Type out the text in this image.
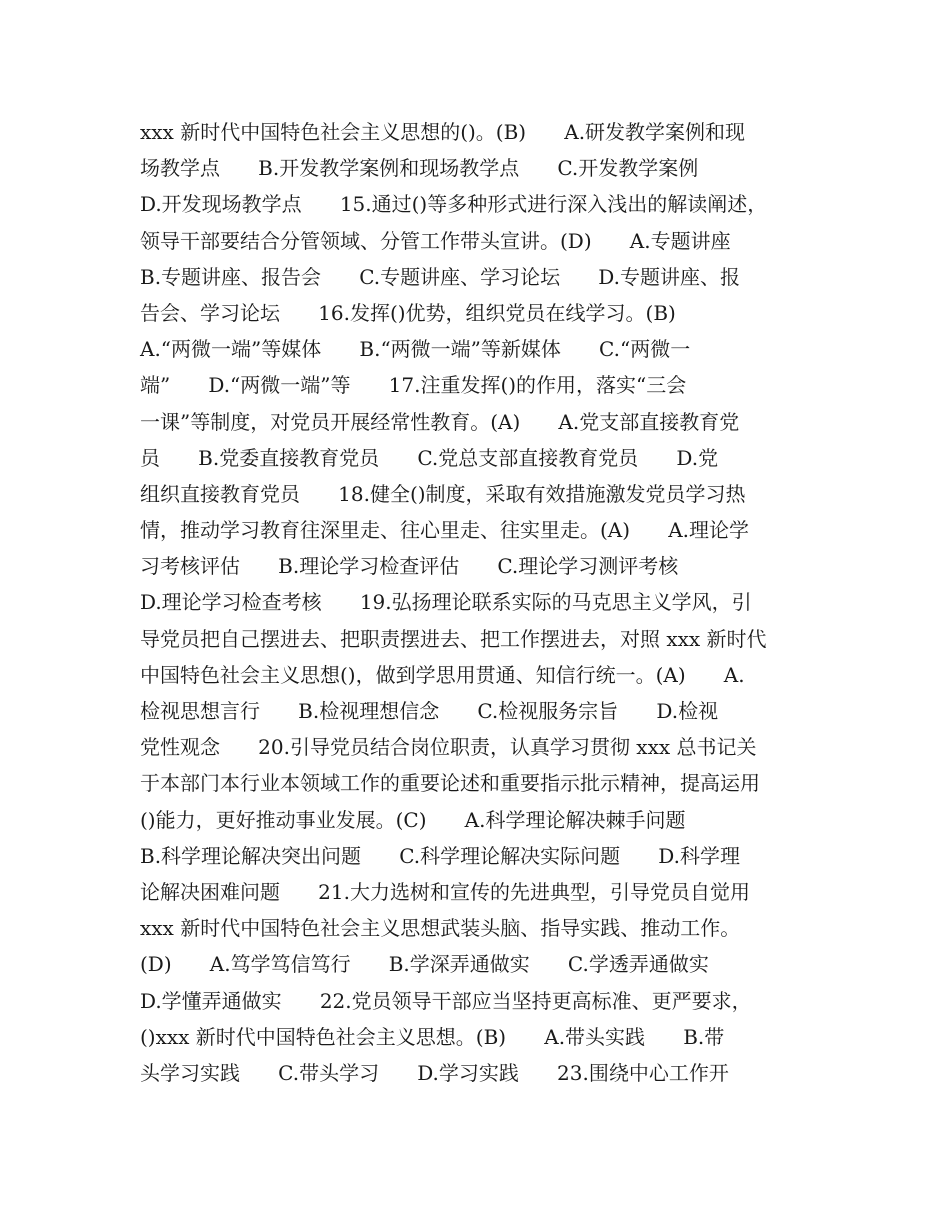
xxx 新时代中国特色社会主义思想的()。(B)      A.研发教学案例和现
场教学点      B.开发教学案例和现场教学点      C.开发教学案例
D.开发现场教学点      15.通过()等多种形式进行深入浅出的解读阐述，
领导干部要结合分管领域、分管工作带头宣讲。(D)      A.专题讲座
B.专题讲座、报告会      C.专题讲座、学习论坛      D.专题讲座、报
告会、学习论坛      16.发挥()优势，组织党员在线学习。(B)
A.“两微一端”等媒体      B.“两微一端”等新媒体      C.“两微一
端”      D.“两微一端”等      17.注重发挥()的作用，落实“三会
一课”等制度，对党员开展经常性教育。(A)      A.党支部直接教育党
员      B.党委直接教育党员      C.党总支部直接教育党员      D.党
组织直接教育党员      18.健全()制度，采取有效措施激发党员学习热
情，推动学习教育往深里走、往心里走、往实里走。(A)      A.理论学
习考核评估      B.理论学习检查评估      C.理论学习测评考核
D.理论学习检查考核      19.弘扬理论联系实际的马克思主义学风，引
导党员把自己摆进去、把职责摆进去、把工作摆进去，对照 xxx 新时代
中国特色社会主义思想()，做到学思用贯通、知信行统一。(A)      A.
检视思想言行      B.检视理想信念      C.检视服务宗旨      D.检视
党性观念      20.引导党员结合岗位职责，认真学习贯彻 xxx 总书记关
于本部门本行业本领域工作的重要论述和重要指示批示精神，提高运用
()能力，更好推动事业发展。(C)      A.科学理论解决棘手问题
B.科学理论解决突出问题      C.科学理论解决实际问题      D.科学理
论解决困难问题      21.大力选树和宣传的先进典型，引导党员自觉用
xxx 新时代中国特色社会主义思想武装头脑、指导实践、推动工作。
(D)      A.笃学笃信笃行      B.学深弄通做实      C.学透弄通做实
D.学懂弄通做实      22.党员领导干部应当坚持更高标准、更严要求，
()xxx 新时代中国特色社会主义思想。(B)      A.带头实践      B.带
头学习实践      C.带头学习      D.学习实践      23.围绕中心工作开
